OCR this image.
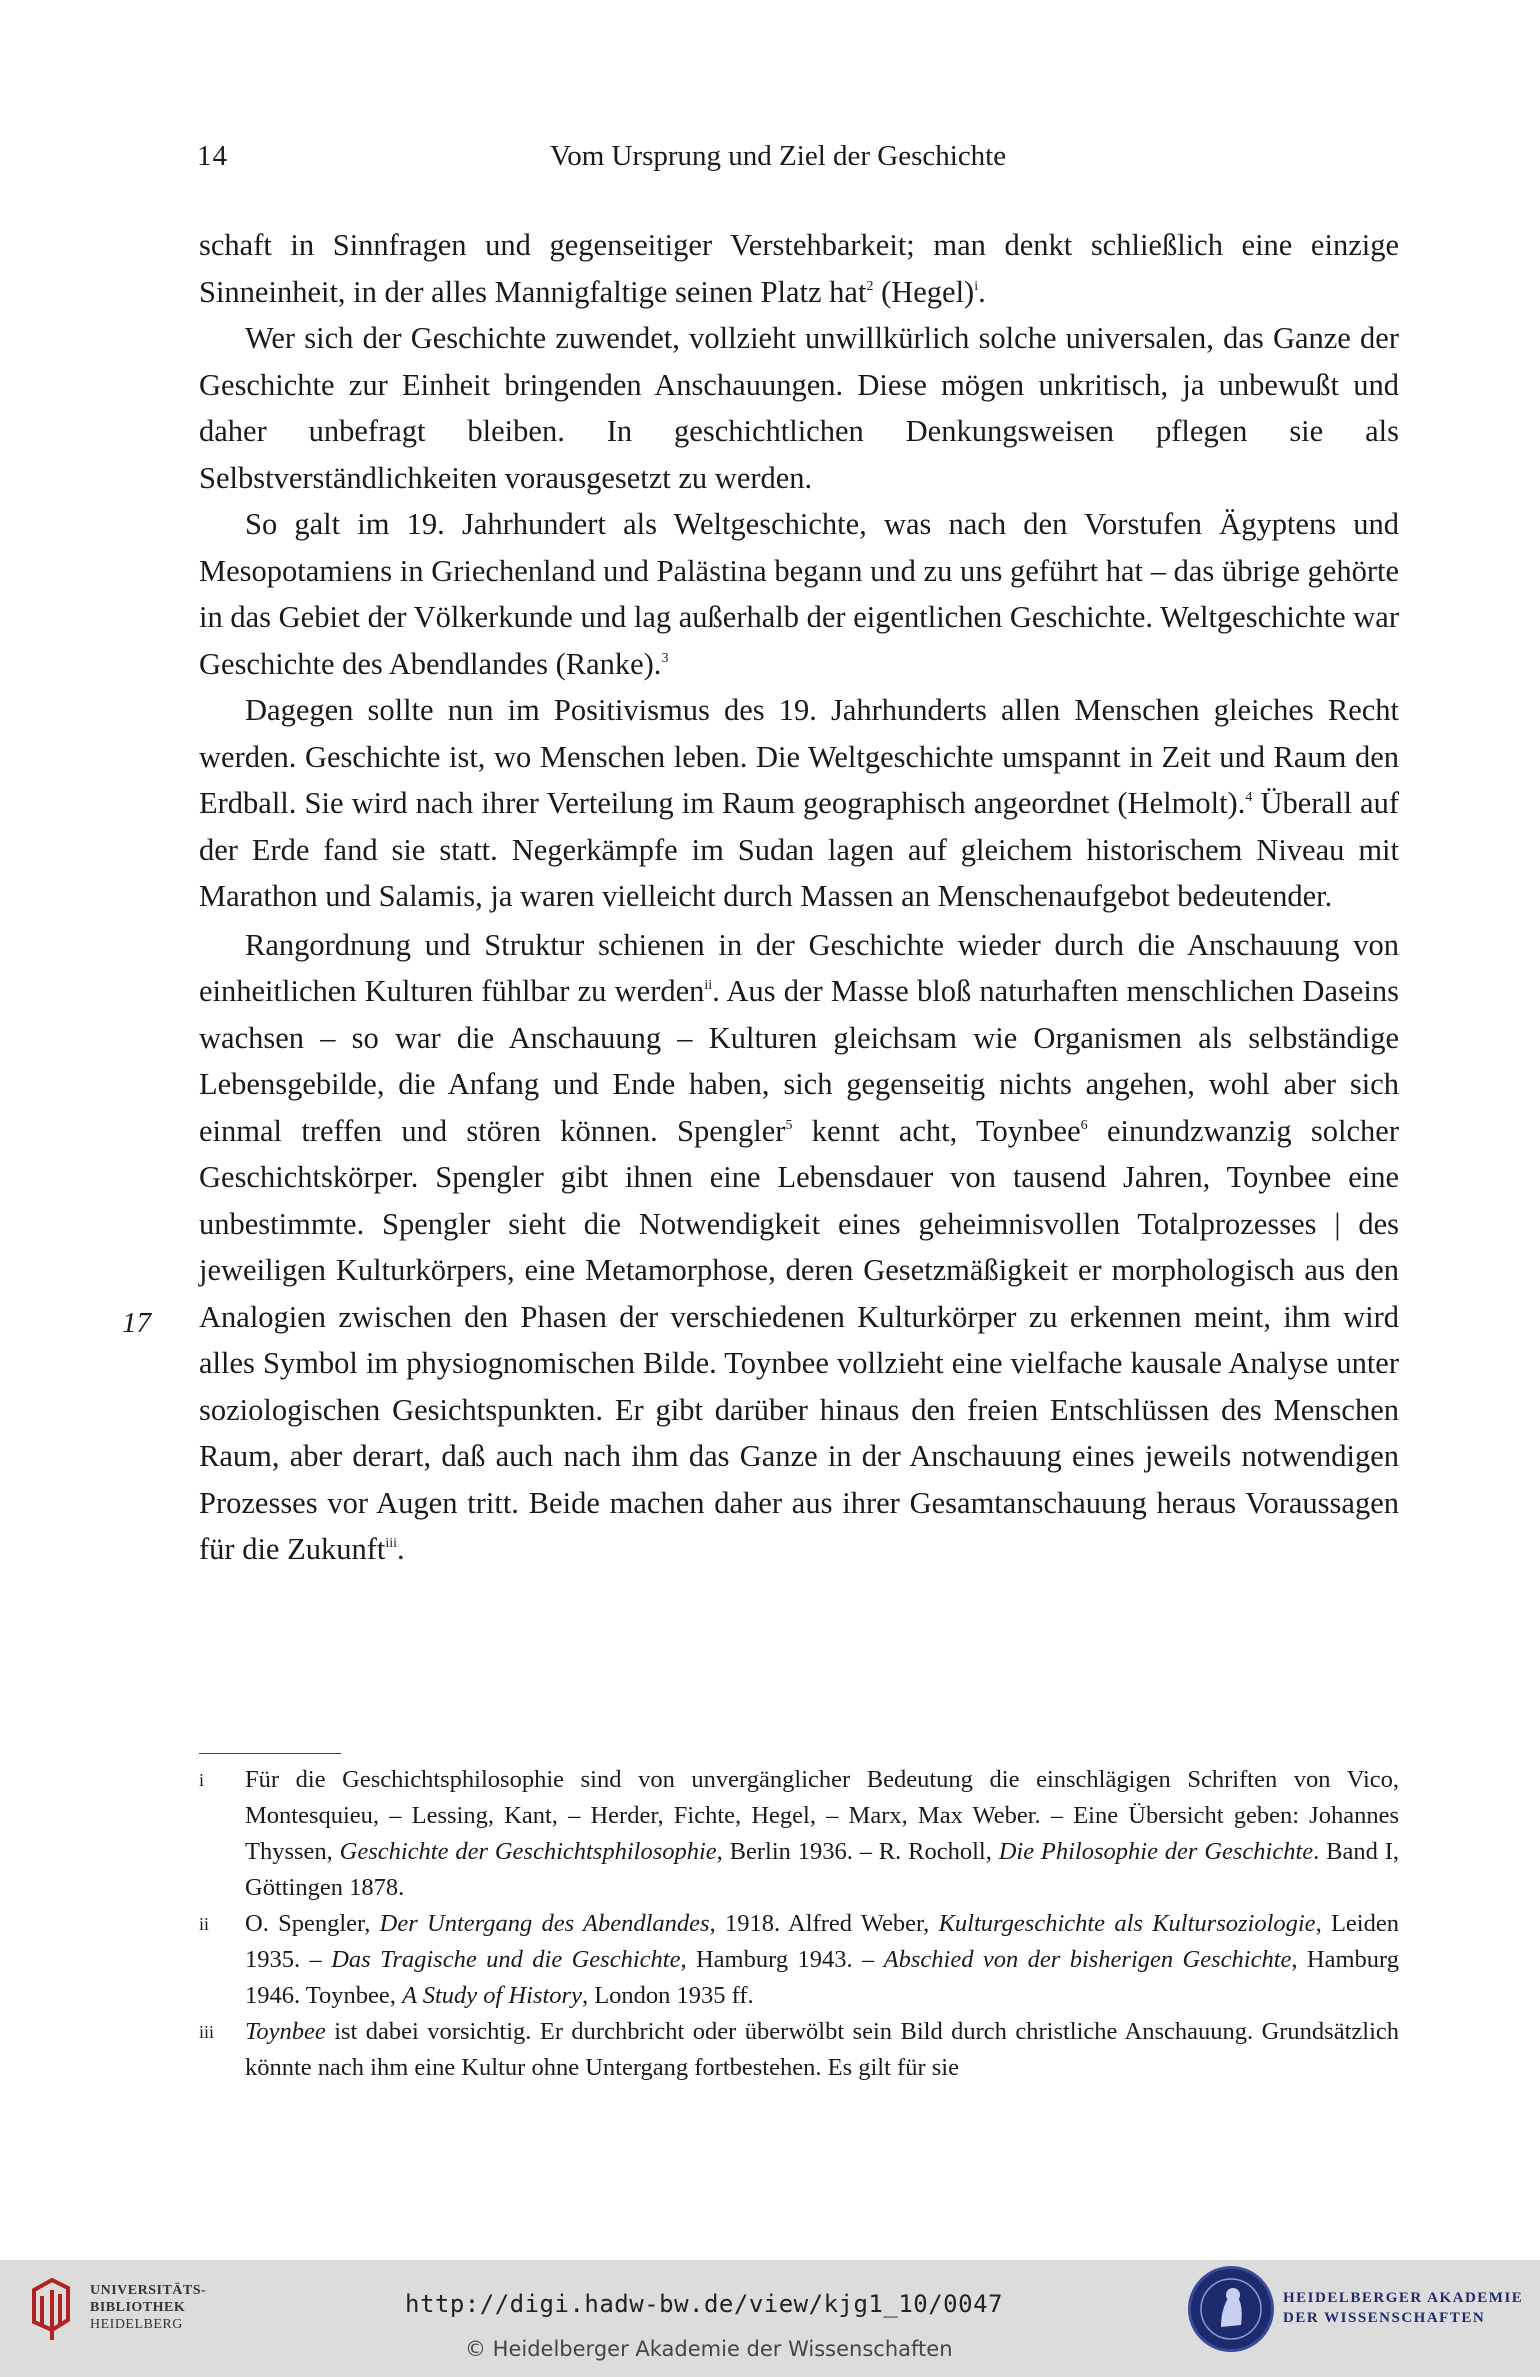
14	Vom Ursprung und Ziel der Geschichte
17

schaft in Sinnfragen und gegenseitiger Verstehbarkeit; man denkt schließlich eine einzige Sinneinheit, in der alles Mannigfaltige seinen Platz hat$^2$ (Hegel)$^i$.

Wer sich der Geschichte zuwendet, vollzieht unwillkürlich solche universalen, das Ganze der Geschichte zur Einheit bringenden Anschauungen. Diese mögen unkritisch, ja unbewußt und daher unbefragt bleiben. In geschichtlichen Denkungsweisen pflegen sie als Selbstverständlichkeiten vorausgesetzt zu werden.

So galt im 19. Jahrhundert als Weltgeschichte, was nach den Vorstufen Ägyptens und Mesopotamiens in Griechenland und Palästina begann und zu uns geführt hat – das übrige gehörte in das Gebiet der Völkerkunde und lag außerhalb der eigentlichen Geschichte. Weltgeschichte war Geschichte des Abendlandes (Ranke).$^3$

Dagegen sollte nun im Positivismus des 19. Jahrhunderts allen Menschen gleiches Recht werden. Geschichte ist, wo Menschen leben. Die Weltgeschichte umspannt in Zeit und Raum den Erdball. Sie wird nach ihrer Verteilung im Raum geographisch angeordnet (Helmolt).$^4$ Überall auf der Erde fand sie statt. Negerkämpfe im Sudan lagen auf gleichem historischem Niveau mit Marathon und Salamis, ja waren vielleicht durch Massen an Menschenaufgebot bedeutender.

Rangordnung und Struktur schienen in der Geschichte wieder durch die Anschauung von einheitlichen Kulturen fühlbar zu werden$^{ii}$. Aus der Masse bloß naturhaften menschlichen Daseins wachsen – so war die Anschauung – Kulturen gleichsam wie Organismen als selbständige Lebensgebilde, die Anfang und Ende haben, sich gegenseitig nichts angehen, wohl aber sich einmal treffen und stören können. Spengler$^5$ kennt acht, Toynbee$^6$ einundzwanzig solcher Geschichtskörper. Spengler gibt ihnen eine Lebensdauer von tausend Jahren, Toynbee eine unbestimmte. Spengler sieht die Notwendigkeit eines geheimnisvollen Totalprozesses | des jeweiligen Kulturkörpers, eine Metamorphose, deren Gesetzmäßigkeit er morphologisch aus den Analogien zwischen den Phasen der verschiedenen Kulturkörper zu erkennen meint, ihm wird alles Symbol im physiognomischen Bilde. Toynbee vollzieht eine vielfache kausale Analyse unter soziologischen Gesichtspunkten. Er gibt darüber hinaus den freien Entschlüssen des Menschen Raum, aber derart, daß auch nach ihm das Ganze in der Anschauung eines jeweils notwendigen Prozesses vor Augen tritt. Beide machen daher aus ihrer Gesamtanschauung heraus Voraussagen für die Zukunft$^{iii}$.

i Für die Geschichtsphilosophie sind von unvergänglicher Bedeutung die einschlägigen Schriften von Vico, Montesquieu, – Lessing, Kant, – Herder, Fichte, Hegel, – Marx, Max Weber. – Eine Übersicht geben: Johannes Thyssen, Geschichte der Geschichtsphilosophie, Berlin 1936. – R. Rocholl, Die Philosophie der Geschichte. Band I, Göttingen 1878.
ii O. Spengler, Der Untergang des Abendlandes, 1918. Alfred Weber, Kulturgeschichte als Kultursoziologie, Leiden 1935. – Das Tragische und die Geschichte, Hamburg 1943. – Abschied von der bisherigen Geschichte, Hamburg 1946. Toynbee, A Study of History, London 1935 ff.
iii Toynbee ist dabei vorsichtig. Er durchbricht oder überwölbt sein Bild durch christliche Anschauung. Grundsätzlich könnte nach ihm eine Kultur ohne Untergang fortbestehen. Es gilt für sie
UNIVERSITÄTS-
BIBLIOTHEK
HEIDELBERG
http://digi.hadw-bw.de/view/kjg1_10/0047
© Heidelberger Akademie der Wissenschaften
HEIDELBERGER AKADEMIE
DER WISSENSCHAFTEN
